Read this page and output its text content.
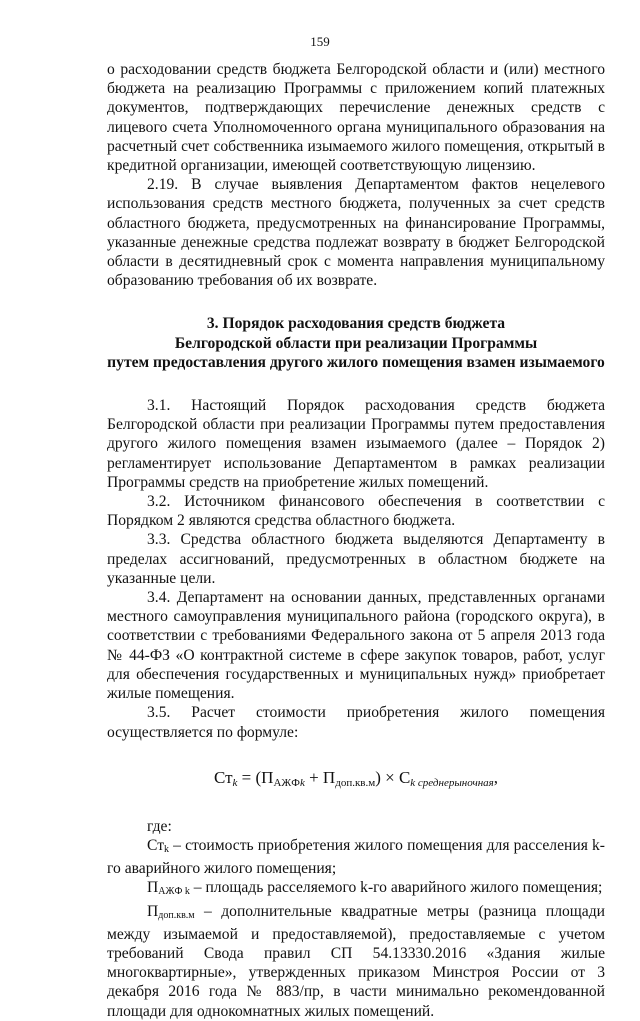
159

о расходовании средств бюджета Белгородской области и (или) местного бюджета на реализацию Программы с приложением копий платежных документов, подтверждающих перечисление денежных средств с лицевого счета Уполномоченного органа муниципального образования на расчетный счет собственника изымаемого жилого помещения, открытый в кредитной организации, имеющей соответствующую лицензию.

2.19. В случае выявления Департаментом фактов нецелевого использования средств местного бюджета, полученных за счет средств областного бюджета, предусмотренных на финансирование Программы, указанные денежные средства подлежат возврату в бюджет Белгородской области в десятидневный срок с момента направления муниципальному образованию требования об их возврате.

3. Порядок расходования средств бюджета
Белгородской области при реализации Программы
путем предоставления другого жилого помещения взамен изымаемого

3.1. Настоящий Порядок расходования средств бюджета Белгородской области при реализации Программы путем предоставления другого жилого помещения взамен изымаемого (далее – Порядок 2) регламентирует использование Департаментом в рамках реализации Программы средств на приобретение жилых помещений.

3.2. Источником финансового обеспечения в соответствии с Порядком 2 являются средства областного бюджета.

3.3. Средства областного бюджета выделяются Департаменту в пределах ассигнований, предусмотренных в областном бюджете на указанные цели.

3.4. Департамент на основании данных, представленных органами местного самоуправления муниципального района (городского округа), в соответствии с требованиями Федерального закона от 5 апреля 2013 года № 44-ФЗ «О контрактной системе в сфере закупок товаров, работ, услуг для обеспечения государственных и муниципальных нужд» приобретает жилые помещения.

3.5. Расчет стоимости приобретения жилого помещения осуществляется по формуле:

$Ст_k = (П_{АЖФk} + П_{доп.кв.м}) \times С_{k среднерыночная}$,

где:

Стk – стоимость приобретения жилого помещения для расселения k-го аварийного жилого помещения;

ПАЖФ k – площадь расселяемого k-го аварийного жилого помещения;

Пдоп.кв.м – дополнительные квадратные метры (разница площади между изымаемой и предоставляемой), предоставляемые с учетом требований Свода правил СП 54.13330.2016 «Здания жилые многоквартирные», утвержденных приказом Минстроя России от 3 декабря 2016 года № 883/пр, в части минимально рекомендованной площади для однокомнатных жилых помещений.
